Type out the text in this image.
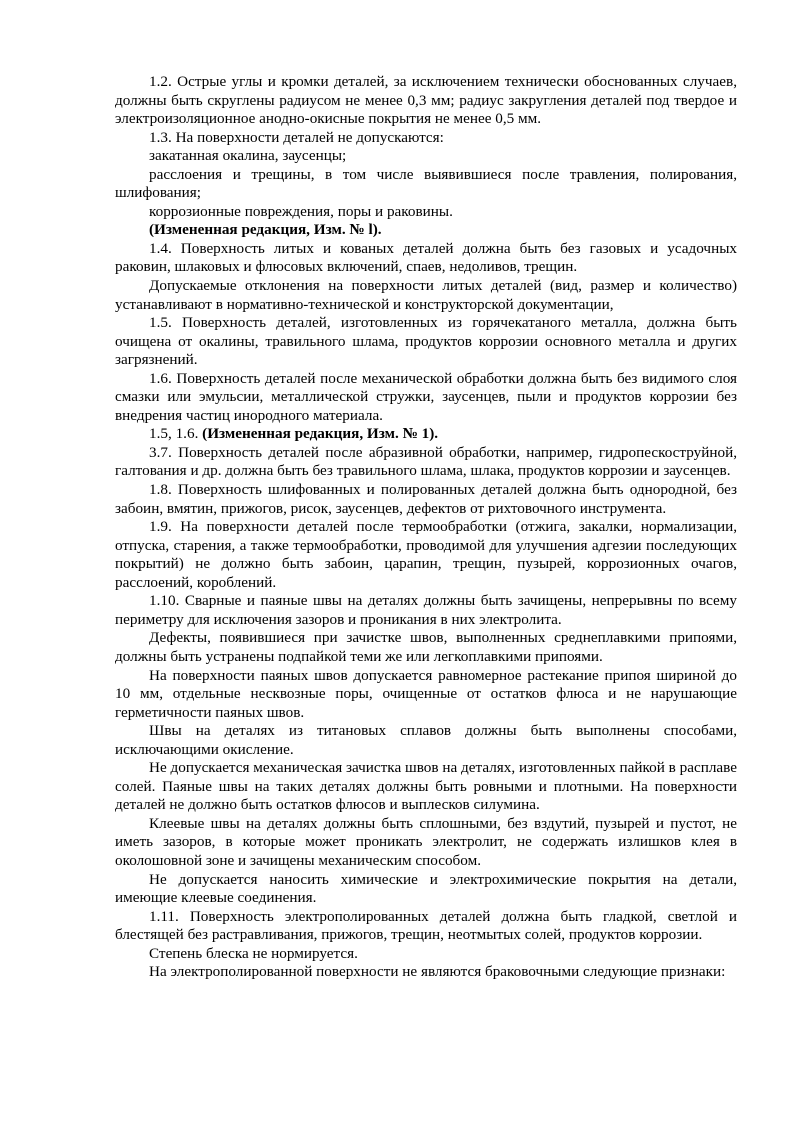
1.2. Острые углы и кромки деталей, за исключением технически обоснованных случаев, должны быть скруглены радиусом не менее 0,3 мм; радиус закругления деталей под твердое и электроизоляционное анодно-окисные покрытия не менее 0,5 мм.

1.3. На поверхности деталей не допускаются:

закатанная окалина, заусенцы;

расслоения и трещины, в том числе выявившиеся после травления, полирования, шлифования;

коррозионные повреждения, поры и раковины.

(Измененная редакция, Изм. № l).

1.4. Поверхность литых и кованых деталей должна быть без газовых и усадочных раковин, шлаковых и флюсовых включений, спаев, недоливов, трещин.

Допускаемые отклонения на поверхности литых деталей (вид, размер и количество) устанавливают в нормативно-технической и конструкторской документации,

1.5. Поверхность деталей, изготовленных из горячекатаного металла, должна быть очищена от окалины, травильного шлама, продуктов коррозии основного металла и других загрязнений.

1.6. Поверхность деталей после механической обработки должна быть без видимого слоя смазки или эмульсии, металлической стружки, заусенцев, пыли и продуктов коррозии без внедрения частиц инородного материала.

1.5, 1.6. (Измененная редакция, Изм. № 1).

3.7. Поверхность деталей после абразивной обработки, например, гидропескоструйной, галтования и др. должна быть без травильного шлама, шлака, продуктов коррозии и заусенцев.

1.8. Поверхность шлифованных и полированных деталей должна быть однородной, без забоин, вмятин, прижогов, рисок, заусенцев, дефектов от рихтовочного инструмента.

1.9. На поверхности деталей после термообработки (отжига, закалки, нормализации, отпуска, старения, а также термообработки, проводимой для улучшения адгезии последующих покрытий) не должно быть забоин, царапин, трещин, пузырей, коррозионных очагов, расслоений, короблений.

1.10. Сварные и паяные швы на деталях должны быть зачищены, непрерывны по всему периметру для исключения зазоров и проникания в них электролита.

Дефекты, появившиеся при зачистке швов, выполненных среднеплавкими припоями, должны быть устранены подпайкой теми же или легкоплавкими припоями.

На поверхности паяных швов допускается равномерное растекание припоя шириной до 10 мм, отдельные несквозные поры, очищенные от остатков флюса и не нарушающие герметичности паяных швов.

Швы на деталях из титановых сплавов должны быть выполнены способами, исключающими окисление.

Не допускается механическая зачистка швов на деталях, изготовленных пайкой в расплаве солей. Паяные швы на таких деталях должны быть ровными и плотными. На поверхности деталей не должно быть остатков флюсов и выплесков силумина.

Клеевые швы на деталях должны быть сплошными, без вздутий, пузырей и пустот, не иметь зазоров, в которые может проникать электролит, не содержать излишков клея в околошовной зоне и зачищены механическим способом.

Не допускается наносить химические и электрохимические покрытия на детали, имеющие клеевые соединения.

1.11. Поверхность электрополированных деталей должна быть гладкой, светлой и блестящей без растравливания, прижогов, трещин, неотмытых солей, продуктов коррозии.

Степень блеска не нормируется.

На электрополированной поверхности не являются браковочными следующие признаки:
